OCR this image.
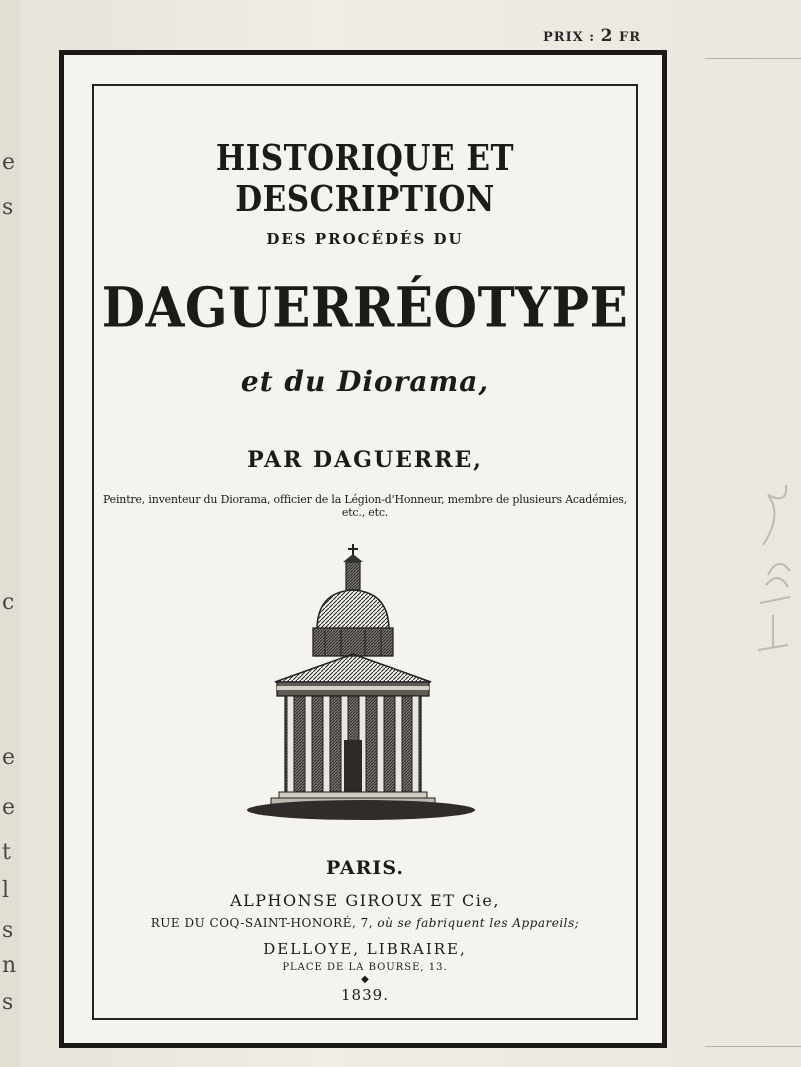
e
s
c
e
e
t
l
s
n
s
PRIX : 2 FR
HISTORIQUE ET DESCRIPTION
DES PROCÉDÉS DU
DAGUERRÉOTYPE
et du Diorama,
PAR DAGUERRE,
Peintre, inventeur du Diorama, officier de la Légion-d'Honneur, membre de plusieurs Académies, etc., etc.
PARIS.
ALPHONSE GIROUX ET Cie,
RUE DU COQ-SAINT-HONORÉ, 7, où se fabriquent les Appareils;
DELLOYE, LIBRAIRE,
PLACE DE LA BOURSE, 13.
◆
1839.
